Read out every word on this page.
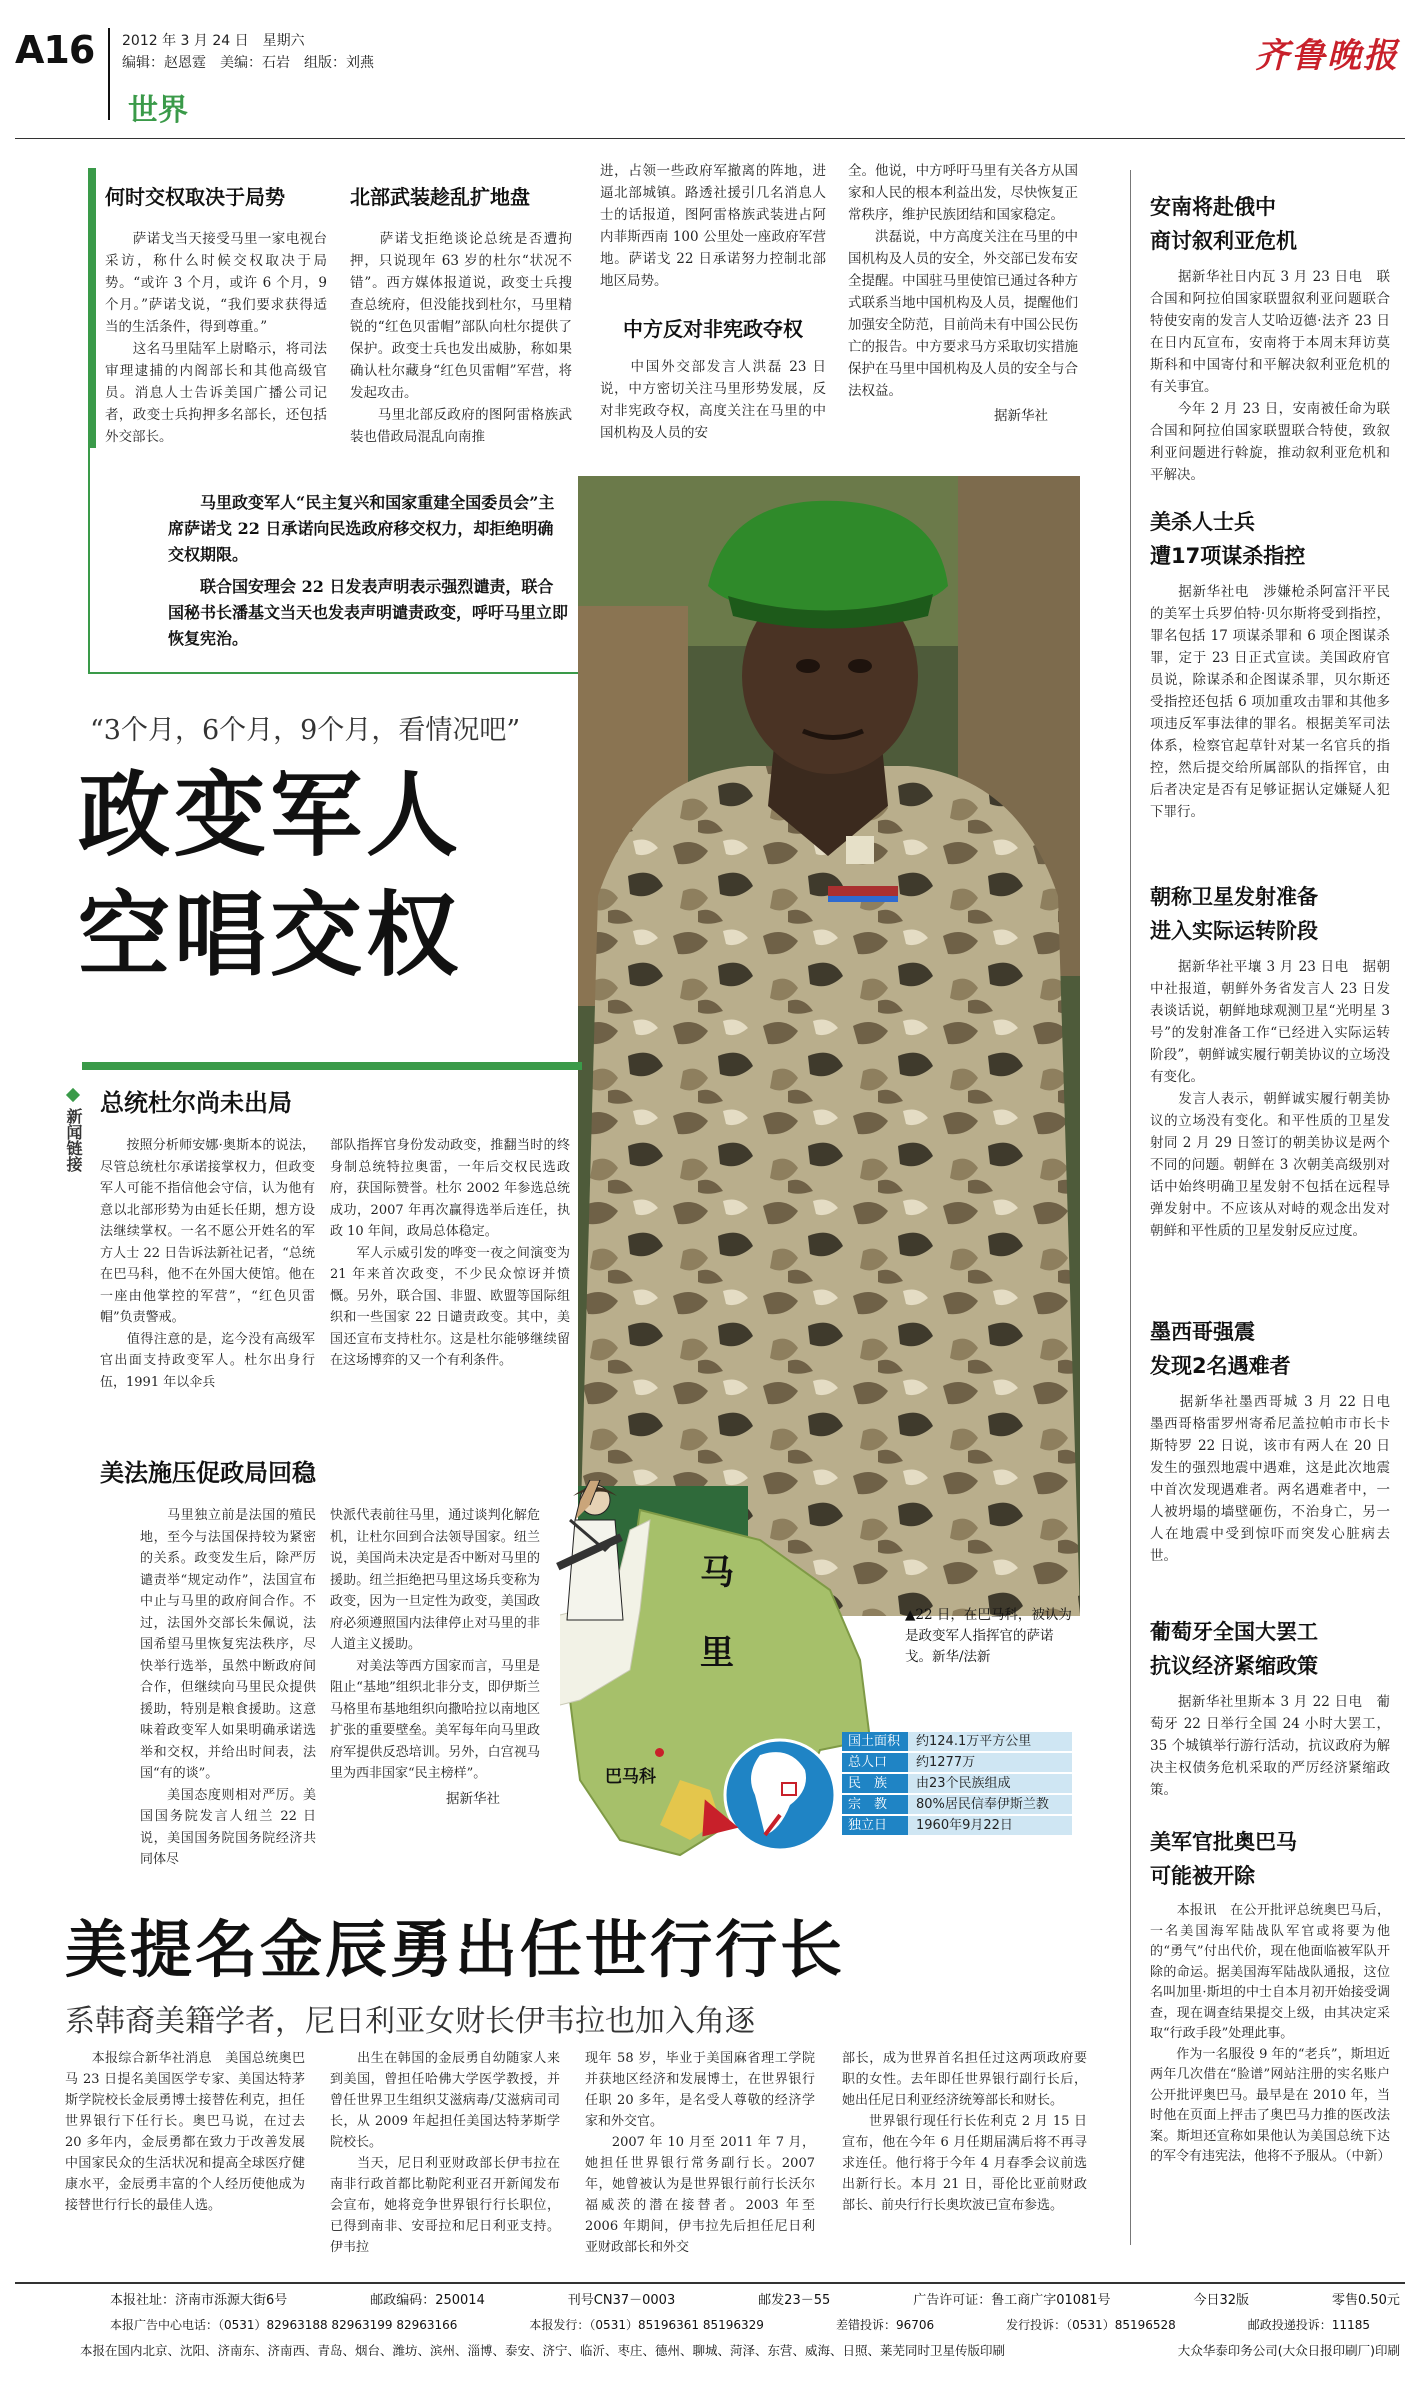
A16 2012 年 3 月 24 日　星期六
编辑：赵恩霆　美编：石岩　组版：刘燕
世界
齐鲁晚报
何时交权取决于局势
　　萨诺戈当天接受马里一家电视台采访，称什么时候交权取决于局势。“或许 3 个月，或许 6 个月，9 个月。”萨诺戈说，“我们要求获得适当的生活条件，得到尊重。”
　　这名马里陆军上尉略示，将司法审理逮捕的内阁部长和其他高级官员。消息人士告诉美国广播公司记者，政变士兵拘押多名部长，还包括外交部长。
北部武装趁乱扩地盘
　　萨诺戈拒绝谈论总统是否遭拘押，只说现年 63 岁的杜尔“状况不错”。西方媒体报道说，政变士兵搜查总统府，但没能找到杜尔，马里精锐的“红色贝雷帽”部队向杜尔提供了保护。政变士兵也发出威胁，称如果确认杜尔藏身“红色贝雷帽”军营，将发起攻击。
　　马里北部反政府的图阿雷格族武装也借政局混乱向南推
进，占领一些政府军撤离的阵地，进逼北部城镇。路透社援引几名消息人士的话报道，图阿雷格族武装进占阿内菲斯西南 100 公里处一座政府军营地。萨诺戈 22 日承诺努力控制北部地区局势。
中方反对非宪政夺权
　　中国外交部发言人洪磊 23 日说，中方密切关注马里形势发展，反对非宪政夺权，高度关注在马里的中国机构及人员的安
全。他说，中方呼吁马里有关各方从国家和人民的根本利益出发，尽快恢复正常秩序，维护民族团结和国家稳定。
　　洪磊说，中方高度关注在马里的中国机构及人员的安全，外交部已发布安全提醒。中国驻马里使馆已通过各种方式联系当地中国机构及人员，提醒他们加强安全防范，目前尚未有中国公民伤亡的报告。中方要求马方采取切实措施保护在马里中国机构及人员的安全与合法权益。
据新华社
马里政变军人“民主复兴和国家重建全国委员会”主席萨诺戈 22 日承诺向民选政府移交权力，却拒绝明确交权期限。
联合国安理会 22 日发表声明表示强烈谴责，联合国秘书长潘基文当天也发表声明谴责政变，呼吁马里立即恢复宪治。
“3个月，6个月，9个月，看情况吧”
政变军人
空唱交权
▲22 日，在巴马科，被认为是政变军人指挥官的萨诺戈。新华/法新
新闻链接
总统杜尔尚未出局
　　按照分析师安娜·奥斯本的说法，尽管总统杜尔承诺接掌权力，但政变军人可能不指信他会守信，认为他有意以北部形势为由延长任期，想方设法继续掌权。一名不愿公开姓名的军方人士 22 日告诉法新社记者，“总统在巴马科，他不在外国大使馆。他在一座由他掌控的军营”，“红色贝雷帽”负责警戒。
　　值得注意的是，迄今没有高级军官出面支持政变军人。杜尔出身行伍，1991 年以伞兵
部队指挥官身份发动政变，推翻当时的终身制总统特拉奥雷，一年后交权民选政府，获国际赞誉。杜尔 2002 年参选总统成功，2007 年再次赢得选举后连任，执政 10 年间，政局总体稳定。
　　军人示威引发的哗变一夜之间演变为 21 年来首次政变，不少民众惊讶并愤慨。另外，联合国、非盟、欧盟等国际组织和一些国家 22 日谴责政变。其中，美国还宣布支持杜尔。这是杜尔能够继续留在这场博弈的又一个有利条件。
美法施压促政局回稳
　　马里独立前是法国的殖民地，至今与法国保持较为紧密的关系。政变发生后，除严厉谴责举“规定动作”，法国宣布中止与马里的政府间合作。不过，法国外交部长朱佩说，法国希望马里恢复宪法秩序，尽快举行选举，虽然中断政府间合作，但继续向马里民众提供援助，特别是粮食援助。这意味着政变军人如果明确承诺选举和交权，并给出时间表，法国“有的谈”。
　　美国态度则相对严厉。美国国务院发言人纽兰 22 日说，美国国务院国务院经济共同体尽
快派代表前往马里，通过谈判化解危机，让杜尔回到合法领导国家。纽兰说，美国尚未决定是否中断对马里的援助。纽兰拒绝把马里这场兵变称为政变，因为一旦定性为政变，美国政府必须遵照国内法律停止对马里的非人道主义援助。
　　对美法等西方国家而言，马里是阻止“基地”组织北非分支，即伊斯兰马格里布基地组织向撒哈拉以南地区扩张的重要壁垒。美军每年向马里政府军提供反恐培训。另外，白宫视马里为西非国家“民主榜样”。
据新华社
马
里
巴马科
国土面积	约124.1万平方公里
总人口	约1277万
民　族	由23个民族组成
宗　教	80%居民信奉伊斯兰教
独立日	1960年9月22日
美提名金辰勇出任世行行长
系韩裔美籍学者，尼日利亚女财长伊韦拉也加入角逐
　　本报综合新华社消息　美国总统奥巴马 23 日提名美国医学专家、美国达特茅斯学院校长金辰勇博士接替佐利克，担任世界银行下任行长。奥巴马说，在过去 20 多年内，金辰勇都在致力于改善发展中国家民众的生活状况和提高全球医疗健康水平，金辰勇丰富的个人经历使他成为接替世行行长的最佳人选。
　　出生在韩国的金辰勇自幼随家人来到美国，曾担任哈佛大学医学教授，并曾任世界卫生组织艾滋病毒/艾滋病司司长，从 2009 年起担任美国达特茅斯学院校长。
　　当天，尼日利亚财政部长伊韦拉在南非行政首都比勒陀利亚召开新闻发布会宣布，她将竞争世界银行行长职位，已得到南非、安哥拉和尼日利亚支持。伊韦拉
现年 58 岁，毕业于美国麻省理工学院并获地区经济和发展博士，在世界银行任职 20 多年，是名受人尊敬的经济学家和外交官。
　　2007 年 10 月至 2011 年 7 月，她担任世界银行常务副行长。2007 年，她曾被认为是世界银行前行长沃尔福威茨的潜在接替者。2003 年至 2006 年期间，伊韦拉先后担任尼日利亚财政部长和外交
部长，成为世界首名担任过这两项政府要职的女性。去年即任世界银行副行长后，她出任尼日利亚经济统筹部长和财长。
　　世界银行现任行长佐利克 2 月 15 日宣布，他在今年 6 月任期届满后将不再寻求连任。他行将于今年 4 月春季会议前选出新行长。本月 21 日，哥伦比亚前财政部长、前央行行长奥坎波已宣布参选。
安南将赴俄中
商讨叙利亚危机
　　据新华社日内瓦 3 月 23 日电　联合国和阿拉伯国家联盟叙利亚问题联合特使安南的发言人艾哈迈德·法齐 23 日在日内瓦宣布，安南将于本周末拜访莫斯科和中国寄付和平解决叙利亚危机的有关事宜。
　　今年 2 月 23 日，安南被任命为联合国和阿拉伯国家联盟联合特使，致叙利亚问题进行斡旋，推动叙利亚危机和平解决。
美杀人士兵
遭17项谋杀指控
　　据新华社电　涉嫌枪杀阿富汗平民的美军士兵罗伯特·贝尔斯将受到指控，罪名包括 17 项谋杀罪和 6 项企图谋杀罪，定于 23 日正式宣读。美国政府官员说，除谋杀和企图谋杀罪，贝尔斯还受指控还包括 6 项加重攻击罪和其他多项违反军事法律的罪名。根据美军司法体系，检察官起草针对某一名官兵的指控，然后提交给所属部队的指挥官，由后者决定是否有足够证据认定嫌疑人犯下罪行。
朝称卫星发射准备
进入实际运转阶段
　　据新华社平壤 3 月 23 日电　据朝中社报道，朝鲜外务省发言人 23 日发表谈话说，朝鲜地球观测卫星“光明星 3 号”的发射准备工作“已经进入实际运转阶段”，朝鲜诚实履行朝美协议的立场没有变化。
　　发言人表示，朝鲜诚实履行朝美协议的立场没有变化。和平性质的卫星发射同 2 月 29 日签订的朝美协议是两个不同的问题。朝鲜在 3 次朝美高级别对话中始终明确卫星发射不包括在远程导弹发射中。不应该从对峙的观念出发对朝鲜和平性质的卫星发射反应过度。
墨西哥强震
发现2名遇难者
　　据新华社墨西哥城 3 月 22 日电　墨西哥格雷罗州寄希尼盖拉帕市市长卡斯特罗 22 日说，该市有两人在 20 日发生的强烈地震中遇难，这是此次地震中首次发现遇难者。两名遇难者中，一人被坍塌的墙壁砸伤，不治身亡，另一人在地震中受到惊吓而突发心脏病去世。
葡萄牙全国大罢工
抗议经济紧缩政策
　　据新华社里斯本 3 月 22 日电　葡萄牙 22 日举行全国 24 小时大罢工，35 个城镇举行游行活动，抗议政府为解决主权债务危机采取的严厉经济紧缩政策。
美军官批奥巴马
可能被开除
　　本报讯　在公开批评总统奥巴马后，一名美国海军陆战队军官或将要为他的“勇气”付出代价，现在他面临被军队开除的命运。据美国海军陆战队通报，这位名叫加里·斯坦的中士自本月初开始接受调查，现在调查结果提交上级，由其决定采取“行政手段”处理此事。
　　作为一名服役 9 年的“老兵”，斯坦近两年几次借在“脸谱”网站注册的实名账户公开批评奥巴马。最早是在 2010 年，当时他在页面上抨击了奥巴马力推的医改法案。斯坦还宣称如果他认为美国总统下达的军令有违宪法，他将不予服从。（中新）
本报社址：济南市泺源大街6号	邮政编码：250014	刊号CN37－0003	邮发23－55	广告许可证：鲁工商广字01081号	今日32版	零售0.50元
本报广告中心电话：（0531）82963188 82963199 82963166	本报发行：（0531）85196361 85196329	差错投诉：96706	发行投诉：（0531）85196528	邮政投递投诉：11185
本报在国内北京、沈阳、济南东、济南西、青岛、烟台、潍坊、滨州、淄博、泰安、济宁、临沂、枣庄、德州、聊城、菏泽、东营、威海、日照、莱芜同时卫星传版印刷	大众华泰印务公司(大众日报印刷厂)印刷
